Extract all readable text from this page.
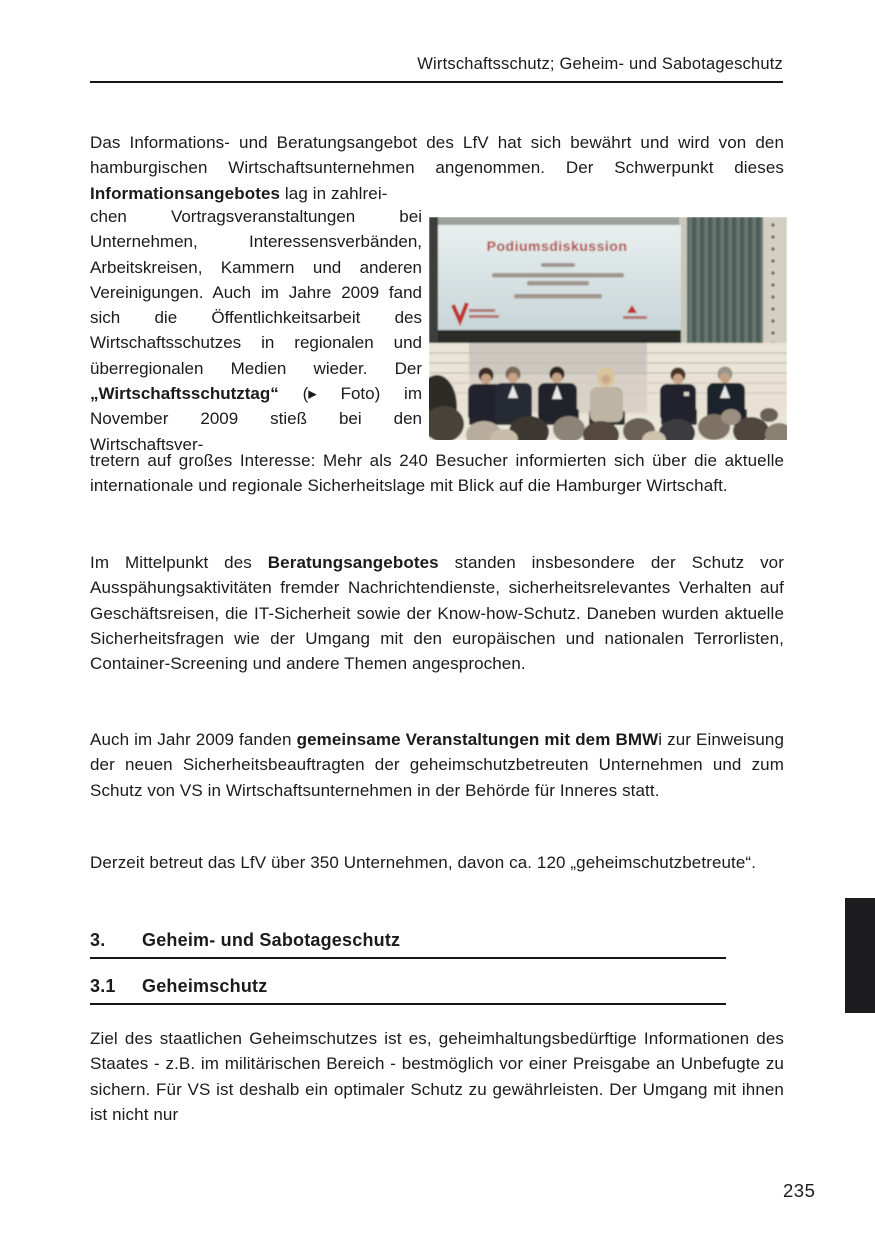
Wirtschaftsschutz; Geheim- und Sabotageschutz
Das Informations- und Beratungsangebot des LfV hat sich bewährt und wird von den hamburgischen Wirtschaftsunternehmen angenommen. Der Schwerpunkt dieses Informationsangebotes lag in zahlrei-
chen Vortragsveranstaltungen bei Unternehmen, Interessensverbänden, Arbeitskreisen, Kammern und anderen Vereinigungen. Auch im Jahre 2009 fand sich die Öffentlichkeitsarbeit des Wirtschaftsschutzes in regionalen und überregionalen Medien wieder. Der „Wirtschaftsschutztag“ (▸ Foto) im November 2009 stieß bei den Wirtschaftsver-
Podiumsdiskussion
tretern auf großes Interesse: Mehr als 240 Besucher informierten sich über die aktuelle internationale und regionale Sicherheitslage mit Blick auf die Hamburger Wirtschaft.
Im Mittelpunkt des Beratungsangebotes standen insbesondere der Schutz vor Ausspähungsaktivitäten fremder Nachrichtendienste, sicherheitsrelevantes Verhalten auf Geschäftsreisen, die IT-Sicherheit sowie der Know-how-Schutz. Daneben wurden aktuelle Sicherheitsfragen wie der Umgang mit den europäischen und nationalen Terrorlisten, Container-Screening und andere Themen angesprochen.
Auch im Jahr 2009 fanden gemeinsame Veranstaltungen mit dem BMWi zur Einweisung der neuen Sicherheitsbeauftragten der geheimschutzbetreuten Unternehmen und zum Schutz von VS in Wirtschaftsunternehmen in der Behörde für Inneres statt.
Derzeit betreut das LfV über 350 Unternehmen, davon ca. 120 „geheimschutzbetreute“.
3. Geheim- und Sabotageschutz
3.1 Geheimschutz
Ziel des staatlichen Geheimschutzes ist es, geheimhaltungsbedürftige Informationen des Staates - z.B. im militärischen Bereich - bestmöglich vor einer Preisgabe an Unbefugte zu sichern. Für VS ist deshalb ein optimaler Schutz zu gewährleisten. Der Umgang mit ihnen ist nicht nur
235
